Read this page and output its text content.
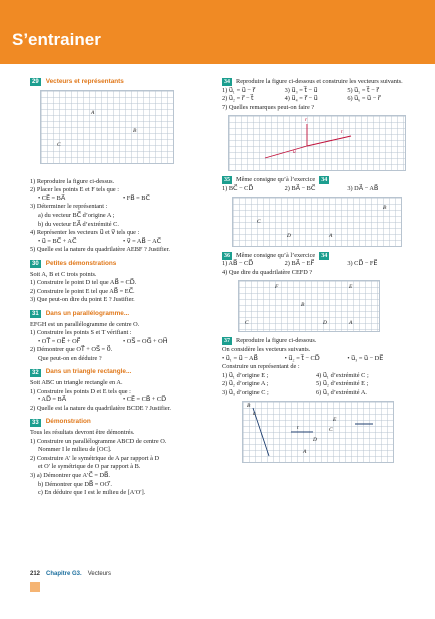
S’entrainer
29	Vecteurs et représentants
A
B
C
1) Reproduire la figure ci-dessus.
2) Placer les points E et F tels que :
• CE⃗ = BA⃗	• FB⃗ = BC⃗
3) Déterminer le représentant :
a) du vecteur BC⃗ d’origine A ;
b) du vecteur EA⃗ d’extrémité C.
4) Représenter les vecteurs u⃗ et v⃗ tels que :
• u⃗ = BC⃗ + AC⃗	• v⃗ = AB⃗ − AC⃗
5) Quelle est la nature du quadrilatère AEBF ? Justifier.
30	Petites démonstrations
Soit A, B et C trois points.
1) Construire le point D tel que AB⃗ = CD⃗.
2) Construire le point E tel que AB⃗ = EC⃗.
3) Que peut-on dire du point E ? Justifier.
31	Dans un parallélogramme...
EFGH est un parallélogramme de centre O.
1) Construire les points S et T vérifiant :
• OT⃗ = OE⃗ + OF⃗	• OS⃗ = OG⃗ + OH⃗
2) Démontrer que OT⃗ + OS⃗ = 0⃗.
Que peut-on en déduire ?
32	Dans un triangle rectangle...
Soit ABC un triangle rectangle en A.
1) Construire les points D et E tels que :
• AD⃗ = BA⃗	• CE⃗ = CB⃗ + CD⃗
2) Quelle est la nature du quadrilatère BCDE ? Justifier.
33	Démonstration
Tous les résultats devront être démontrés.
1) Construire un parallélogramme ABCD de centre O.
Nommer I le milieu de [OC].
2) Construire A′ le symétrique de A par rapport à D
et O′ le symétrique de O par rapport à B.
3) a) Démontrer que A′C⃗ = DB⃗.
b) Démontrer que DB⃗ = OO′⃗.
c) En déduire que I est le milieu de [A′O′].
34 Reproduire la figure ci-dessous et construire les vecteurs suivants.
1) u⃗₁ = u⃗ − r⃗	3) u⃗₃ = t⃗ − u⃗	5) u⃗₅ = t⃗ − r⃗
2) u⃗₂ = r⃗ − t⃗	4) u⃗₄ = r⃗ − u⃗	6) u⃗₆ = u⃗ − r⃗
7) Quelles remarques peut-on faire ?
r⃗
t⃗
u⃗
35 Même consigne qu’à l’exercice	34
1) BC⃗ − CD⃗	2) BA⃗ − BC⃗	3) DA⃗ − AB⃗
B
C
D	A
36 Même consigne qu’à l’exercice	34
1) AB⃗ − CD⃗	2) BA⃗ − EF⃗	3) CD⃗ − FE⃗
4) Que dire du quadrilatère CEFD ?
F	E
B
C	D	A
37 Reproduire la figure ci-dessous.
On considère les vecteurs suivants.
• u⃗₁ = u⃗ − AB⃗	• u⃗₂ = t⃗ − CD⃗	• u⃗₃ = u⃗ − DE⃗
Construire un représentant de :
1) u⃗₁ d’origine E ;	4) u⃗₁ d’extrémité C ;
2) u⃗₂ d’origine A ;	5) u⃗₂ d’extrémité E ;
3) u⃗₃ d’origine C ;	6) u⃗₃ d’extrémité A.
B
u⃗
t⃗
E
C
D
A
212 Chapitre G3. Vecteurs
